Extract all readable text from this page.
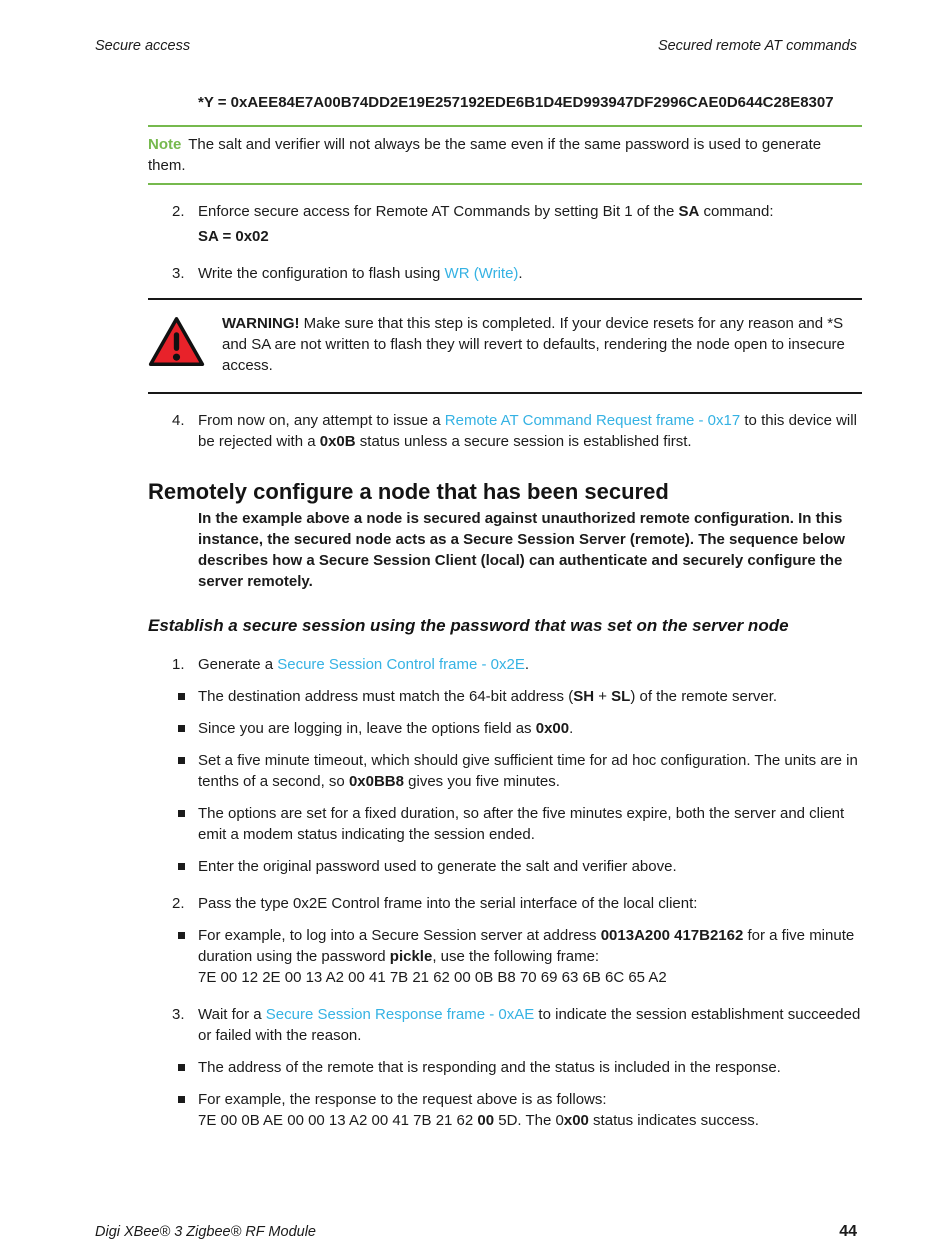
Secure access	Secured remote AT commands
*Y = 0xAEE84E7A00B74DD2E19E257192EDE6B1D4ED993947DF2996CAE0D644C28E8307
Note The salt and verifier will not always be the same even if the same password is used to generate them.
2. Enforce secure access for Remote AT Commands by setting Bit 1 of the SA command:
SA = 0x02
3. Write the configuration to flash using WR (Write).
WARNING! Make sure that this step is completed. If your device resets for any reason and *S and SA are not written to flash they will revert to defaults, rendering the node open to insecure access.
4. From now on, any attempt to issue a Remote AT Command Request frame - 0x17 to this device will be rejected with a 0x0B status unless a secure session is established first.
Remotely configure a node that has been secured
In the example above a node is secured against unauthorized remote configuration. In this instance, the secured node acts as a Secure Session Server (remote). The sequence below describes how a Secure Session Client (local) can authenticate and securely configure the server remotely.
Establish a secure session using the password that was set on the server node
1. Generate a Secure Session Control frame - 0x2E.
The destination address must match the 64-bit address (SH + SL) of the remote server.
Since you are logging in, leave the options field as 0x00.
Set a five minute timeout, which should give sufficient time for ad hoc configuration. The units are in tenths of a second, so 0x0BB8 gives you five minutes.
The options are set for a fixed duration, so after the five minutes expire, both the server and client emit a modem status indicating the session ended.
Enter the original password used to generate the salt and verifier above.
2. Pass the type 0x2E Control frame into the serial interface of the local client:
For example, to log into a Secure Session server at address 0013A200 417B2162 for a five minute duration using the password pickle, use the following frame:
7E 00 12 2E 00 13 A2 00 41 7B 21 62 00 0B B8 70 69 63 6B 6C 65 A2
3. Wait for a Secure Session Response frame - 0xAE to indicate the session establishment succeeded or failed with the reason.
The address of the remote that is responding and the status is included in the response.
For example, the response to the request above is as follows:
7E 00 0B AE 00 00 13 A2 00 41 7B 21 62 00 5D. The 0x00 status indicates success.
Digi XBee® 3 Zigbee® RF Module	44
